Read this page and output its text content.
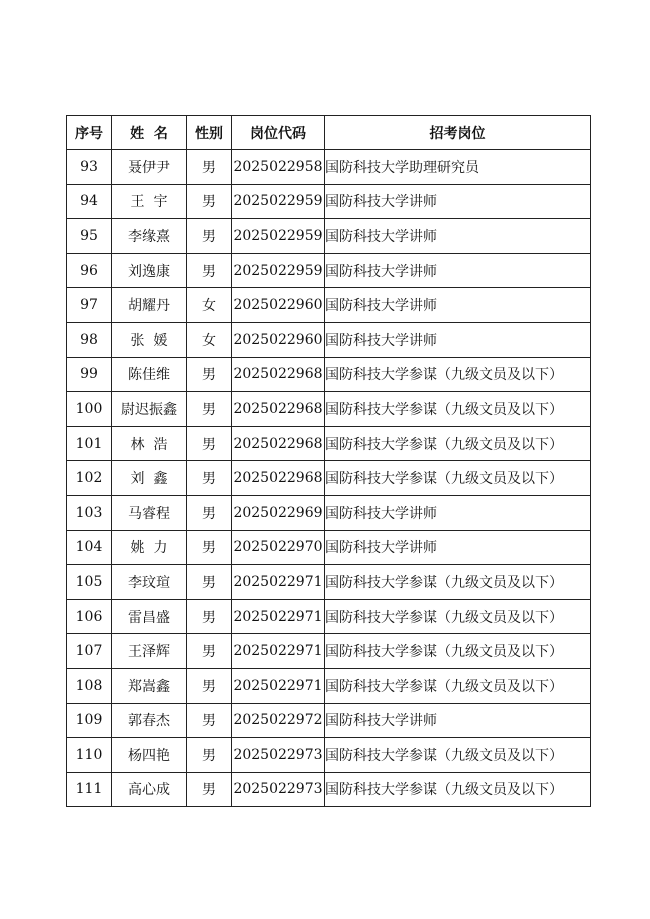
序号	姓  名	性别	岗位代码	招考岗位
93	聂伊尹	男	2025022958	国防科技大学助理研究员
94	王  宇	男	2025022959	国防科技大学讲师
95	李缘熹	男	2025022959	国防科技大学讲师
96	刘逸康	男	2025022959	国防科技大学讲师
97	胡耀丹	女	2025022960	国防科技大学讲师
98	张  媛	女	2025022960	国防科技大学讲师
99	陈佳维	男	2025022968	国防科技大学参谋（九级文员及以下）
100	尉迟振鑫	男	2025022968	国防科技大学参谋（九级文员及以下）
101	林  浩	男	2025022968	国防科技大学参谋（九级文员及以下）
102	刘  鑫	男	2025022968	国防科技大学参谋（九级文员及以下）
103	马睿程	男	2025022969	国防科技大学讲师
104	姚  力	男	2025022970	国防科技大学讲师
105	李玟瑄	男	2025022971	国防科技大学参谋（九级文员及以下）
106	雷昌盛	男	2025022971	国防科技大学参谋（九级文员及以下）
107	王泽辉	男	2025022971	国防科技大学参谋（九级文员及以下）
108	郑嵩鑫	男	2025022971	国防科技大学参谋（九级文员及以下）
109	郭春杰	男	2025022972	国防科技大学讲师
110	杨四艳	男	2025022973	国防科技大学参谋（九级文员及以下）
111	高心成	男	2025022973	国防科技大学参谋（九级文员及以下）
